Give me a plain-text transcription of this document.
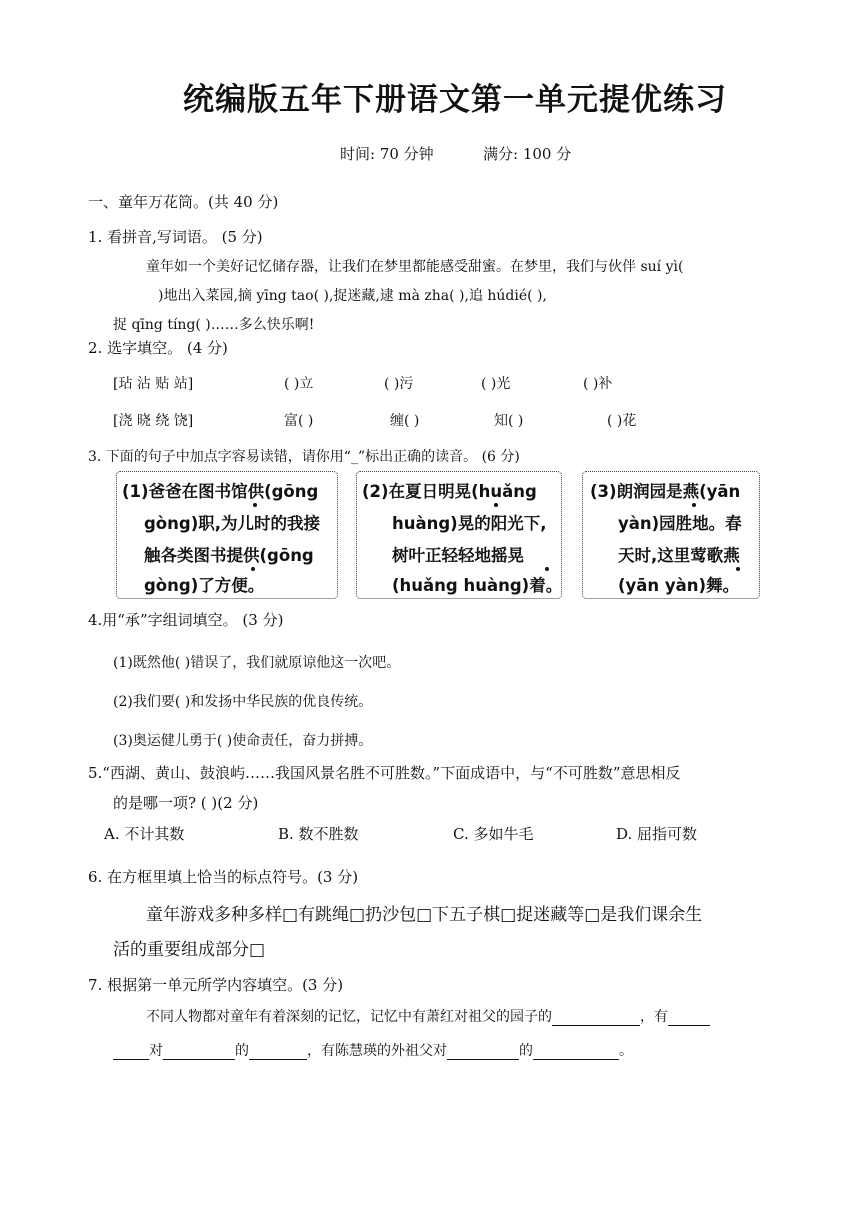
统编版五年下册语文第一单元提优练习
时间: 70 分钟	满分: 100 分
一、童年万花筒。(共 40 分)
1. 看拼音,写词语。 (5 分)
童年如一个美好记忆储存器，让我们在梦里都能感受甜蜜。在梦里，我们与伙伴 suí yì(
)地出入菜园,摘 yīng tao( ),捉迷藏,逮 mà zha( ),追 húdié( ),
捉 qīng tíng( )……多么快乐啊!
2. 选字填空。 (4 分)
[玷 沾 贴 站]	( )立	( )污	( )光	( )补
[浇 晓 绕 饶]	富( )	缠( )	知( )	( )花
3. 下面的句子中加点字容易读错，请你用“_”标出正确的读音。 (6 分)
(1)爸爸在图书馆供(gōng
gòng)职,为儿时的我接
触各类图书提供(gōng
gòng)了方便。
(2)在夏日明晃(huǎng
huàng)晃的阳光下,
树叶正轻轻地摇晃
(huǎng huàng)着。
(3)朗润园是燕(yān
yàn)园胜地。春
天时,这里莺歌燕
(yān yàn)舞。
4.用“承”字组词填空。 (3 分)
(1)既然他( )错误了，我们就原谅他这一次吧。
(2)我们要( )和发扬中华民族的优良传统。
(3)奥运健儿勇于( )使命责任，奋力拼搏。
5.“西湖、黄山、鼓浪屿……我国风景名胜不可胜数。”下面成语中，与“不可胜数”意思相反
的是哪一项? ( )(2 分)
A. 不计其数	B. 数不胜数	C. 多如牛毛	D. 屈指可数
6. 在方框里填上恰当的标点符号。(3 分)
童年游戏多种多样□有跳绳□扔沙包□下五子棋□捉迷藏等□是我们课余生
活的重要组成部分□
7. 根据第一单元所学内容填空。(3 分)
不同人物都对童年有着深刻的记忆，记忆中有萧红对祖父的园子的	，有
对	的	，有陈慧瑛的外祖父对	的	。
